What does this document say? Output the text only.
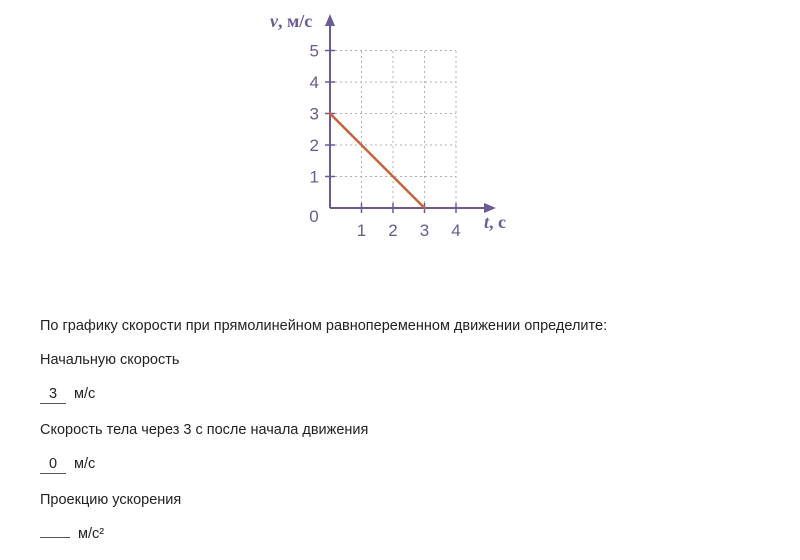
v, м/с
t, с
0
1 2 3 4
1
2
3
4
5

По графику скорости при прямолинейном равнопеременном движении определите:

Начальную скорость

3 м/с

Скорость тела через 3 с после начала движения

0 м/с

Проекцию ускорения

м/с²
